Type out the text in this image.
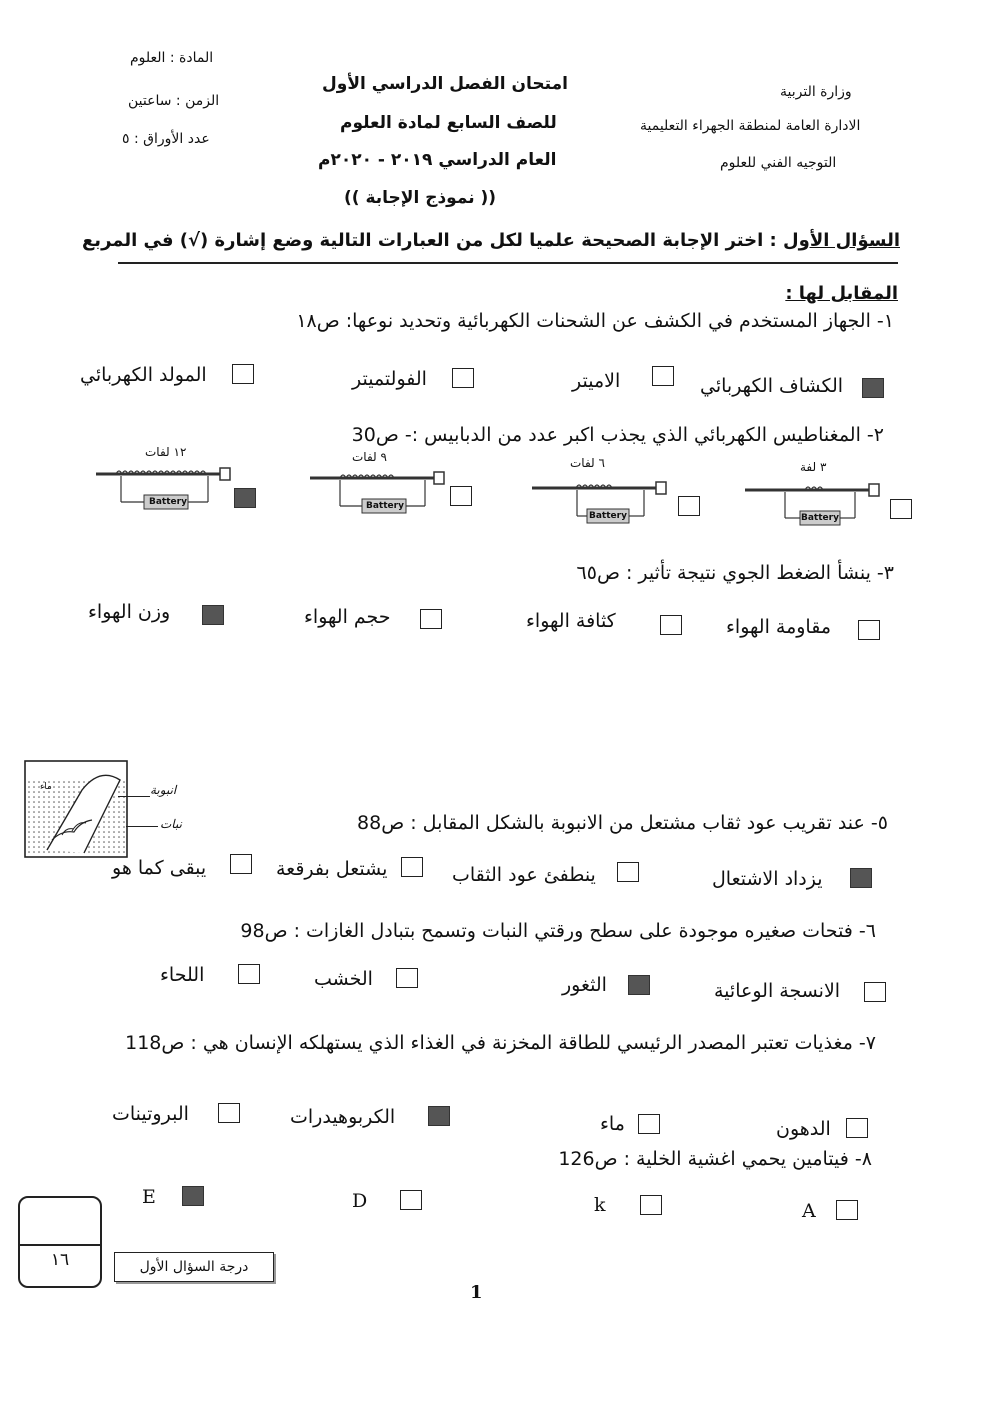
المادة : العلوم
الزمن : ساعتين
عدد الأوراق : ٥
امتحان الفصل الدراسي الأول
للصف السابع لمادة العلوم
العام الدراسي ٢٠١٩ - ٢٠٢٠م
(( نموذج الإجابة ))
وزارة التربية
الادارة العامة لمنطقة الجهراء التعليمية
التوجيه الفني للعلوم
السؤال الأول : اختر الإجابة الصحيحة علميا لكل من العبارات التالية وضع إشارة (√) في المربع
المقابل لها :
١- الجهاز المستخدم في الكشف عن الشحنات الكهربائية وتحديد نوعها: ص١٨
الكشاف الكهربائي
الاميتر
الفولتميتر
المولد الكهربائي
٢- المغناطيس الكهربائي الذي يجذب اكبر عدد من الدبابيس :- ص30
٣ لفة
Battery
٦ لفات
Battery
٩ لفات
Battery
١٢ لفات
Battery
٣- ينشأ الضغط الجوي نتيجة تأثير : ص٦٥
مقاومة الهواء
كثافة الهواء
حجم الهواء
وزن الهواء
انبوبة
ماء
نبات	٥- عند تقريب عود ثقاب مشتعل من الانبوبة بالشكل المقابل : ص88
يزداد الاشتعال
ينطفئ عود الثقاب
يشتعل بفرقعة
يبقى كما هو
٦- فتحات صغيره موجودة على سطح ورقتي النبات وتسمح بتبادل الغازات : ص98
الانسجة الوعائية
الثغور
الخشب
اللحاء
٧- مغذيات تعتبر المصدر الرئيسي للطاقة المخزنة في الغذاء الذي يستهلكه الإنسان هي : ص118
الدهون
ماء
الكربوهيدرات
البروتينات
٨- فيتامين يحمي اغشية الخلية : ص126
A
k
D
E
١٦	درجة السؤال الأول
1
